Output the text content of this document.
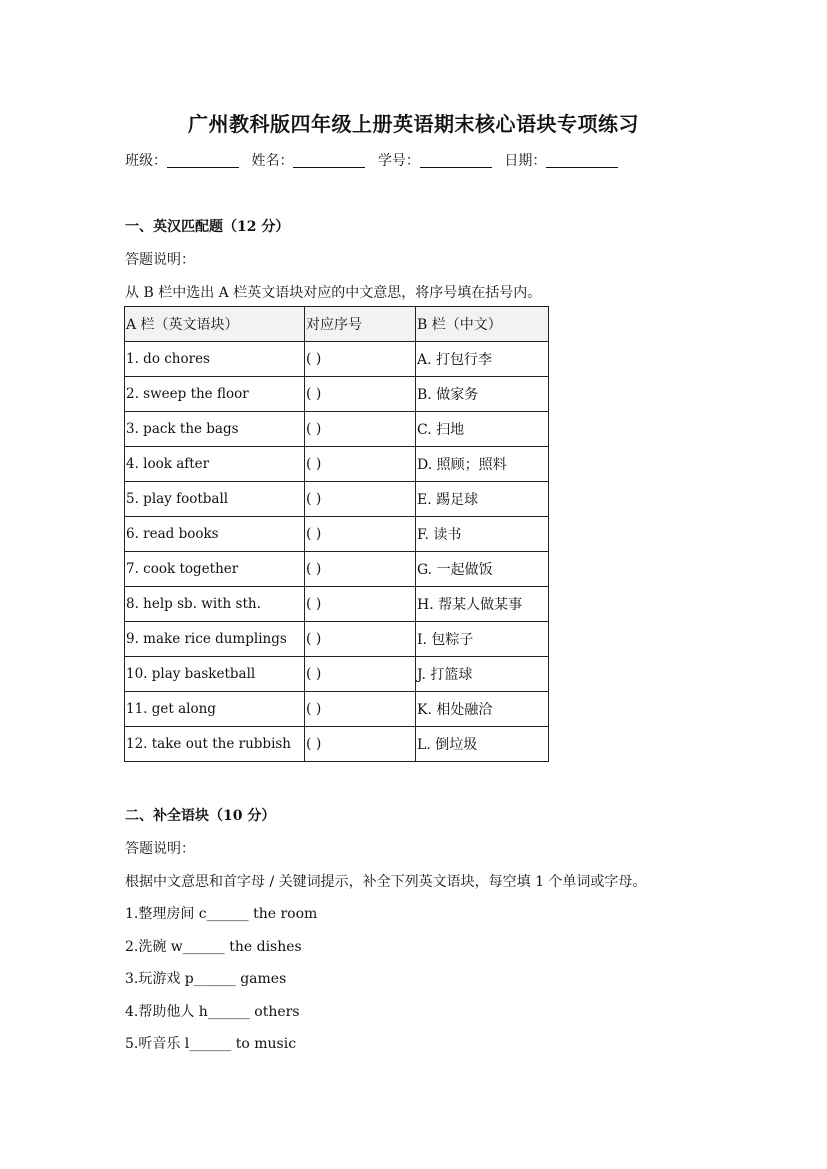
广州教科版四年级上册英语期末核心语块专项练习
班级：	姓名：	学号：	日期：
一、英汉匹配题（12 分）
答题说明：
从 B 栏中选出 A 栏英文语块对应的中文意思，将序号填在括号内。
A 栏（英文语块）	对应序号	B 栏（中文）
1. do chores	( )	A. 打包行李
2. sweep the floor	( )	B. 做家务
3. pack the bags	( )	C. 扫地
4. look after	( )	D. 照顾；照料
5. play football	( )	E. 踢足球
6. read books	( )	F. 读书
7. cook together	( )	G. 一起做饭
8. help sb. with sth.	( )	H. 帮某人做某事
9. make rice dumplings	( )	I. 包粽子
10. play basketball	( )	J. 打篮球
11. get along	( )	K. 相处融洽
12. take out the rubbish	( )	L. 倒垃圾
二、补全语块（10 分）
答题说明：
根据中文意思和首字母 / 关键词提示，补全下列英文语块，每空填 1 个单词或字母。
1.整理房间 c______ the room
2.洗碗 w______ the dishes
3.玩游戏 p______ games
4.帮助他人 h______ others
5.听音乐 l______ to music
